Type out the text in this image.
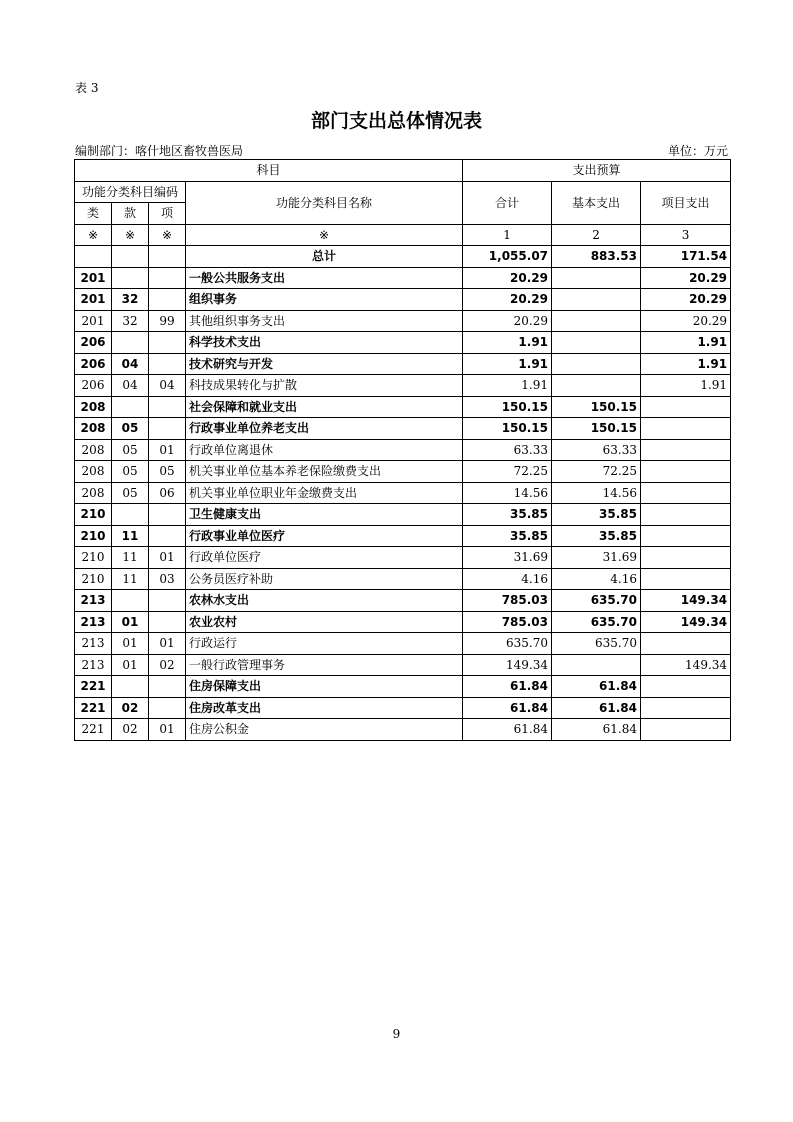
表 3
部门支出总体情况表
编制部门：喀什地区畜牧兽医局	单位：万元
科目				支出预算		
功能分类科目编码			功能分类科目名称	合计	基本支出	项目支出
类	款	项				
※	※	※	※	1	2	3
			总计	1,055.07	883.53	171.54
201			一般公共服务支出	20.29		20.29
201	32		组织事务	20.29		20.29
201	32	99	其他组织事务支出	20.29		20.29
206			科学技术支出	1.91		1.91
206	04		技术研究与开发	1.91		1.91
206	04	04	科技成果转化与扩散	1.91		1.91
208			社会保障和就业支出	150.15	150.15	
208	05		行政事业单位养老支出	150.15	150.15	
208	05	01	行政单位离退休	63.33	63.33	
208	05	05	机关事业单位基本养老保险缴费支出	72.25	72.25	
208	05	06	机关事业单位职业年金缴费支出	14.56	14.56	
210			卫生健康支出	35.85	35.85	
210	11		行政事业单位医疗	35.85	35.85	
210	11	01	行政单位医疗	31.69	31.69	
210	11	03	公务员医疗补助	4.16	4.16	
213			农林水支出	785.03	635.70	149.34
213	01		农业农村	785.03	635.70	149.34
213	01	01	行政运行	635.70	635.70	
213	01	02	一般行政管理事务	149.34		149.34
221			住房保障支出	61.84	61.84	
221	02		住房改革支出	61.84	61.84	
221	02	01	住房公积金	61.84	61.84	
9
